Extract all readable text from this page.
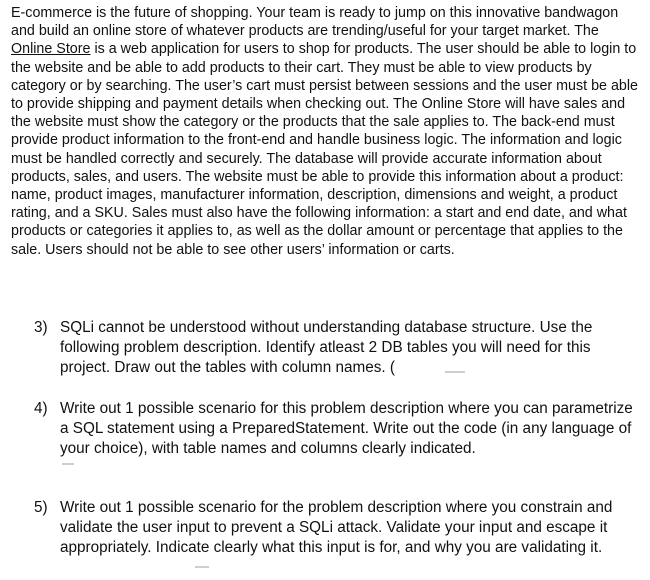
E-commerce is the future of shopping. Your team is ready to jump on this innovative bandwagon and build an online store of whatever products are trending/useful for your target market. The Online Store is a web application for users to shop for products. The user should be able to login to the website and be able to add products to their cart. They must be able to view products by category or by searching. The user’s cart must persist between sessions and the user must be able to provide shipping and payment details when checking out. The Online Store will have sales and the website must show the category or the products that the sale applies to. The back-end must provide product information to the front-end and handle business logic. The information and logic must be handled correctly and securely. The database will provide accurate information about products, sales, and users. The website must be able to provide this information about a product: name, product images, manufacturer information, description, dimensions and weight, a product rating, and a SKU. Sales must also have the following information: a start and end date, and what products or categories it applies to, as well as the dollar amount or percentage that applies to the sale. Users should not be able to see other users’ information or carts.

3) SQLi cannot be understood without understanding database structure. Use the following problem description. Identify atleast 2 DB tables you will need for this project. Draw out the tables with column names. (
4) Write out 1 possible scenario for this problem description where you can parametrize a SQL statement using a PreparedStatement. Write out the code (in any language of your choice), with table names and columns clearly indicated.
5) Write out 1 possible scenario for the problem description where you constrain and validate the user input to prevent a SQLi attack. Validate your input and escape it appropriately. Indicate clearly what this input is for, and why you are validating it.
